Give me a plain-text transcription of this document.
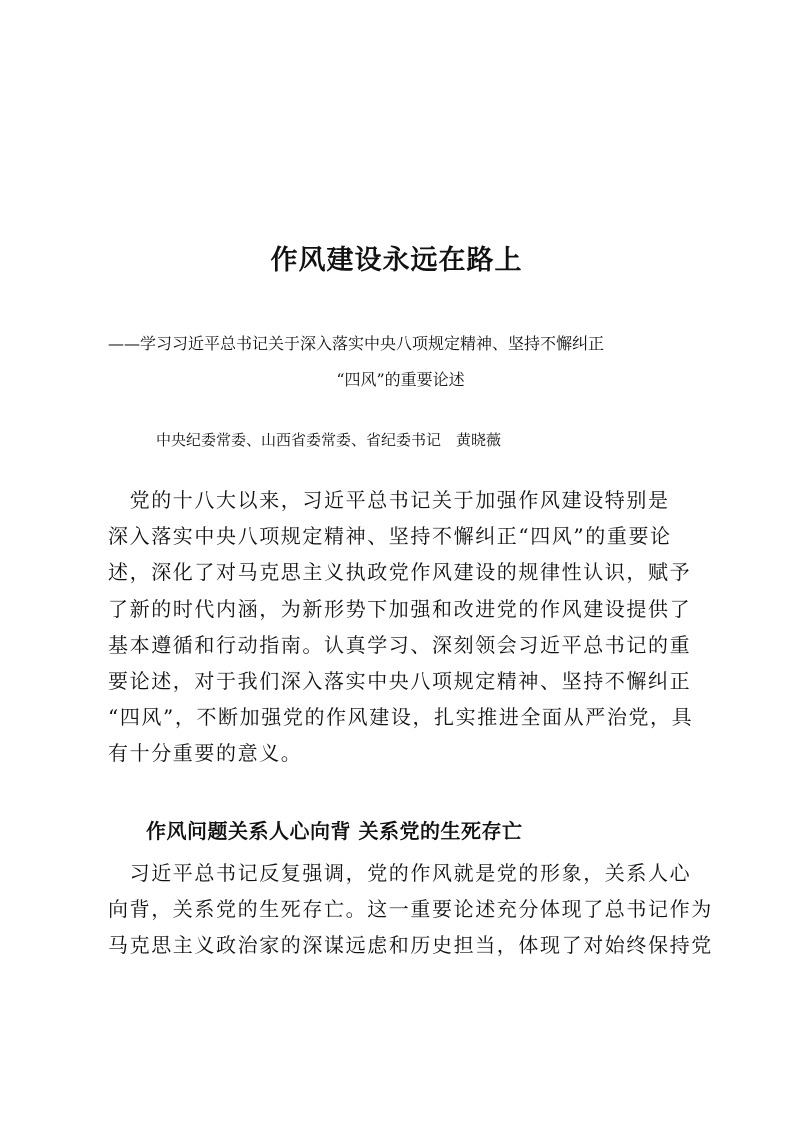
作风建设永远在路上
——学习习近平总书记关于深入落实中央八项规定精神、坚持不懈纠正
“四风”的重要论述
中央纪委常委、山西省委常委、省纪委书记　黄晓薇
　党的十八大以来，习近平总书记关于加强作风建设特别是
深入落实中央八项规定精神、坚持不懈纠正“四风”的重要论
述，深化了对马克思主义执政党作风建设的规律性认识，赋予
了新的时代内涵，为新形势下加强和改进党的作风建设提供了
基本遵循和行动指南。认真学习、深刻领会习近平总书记的重
要论述，对于我们深入落实中央八项规定精神、坚持不懈纠正
“四风”，不断加强党的作风建设，扎实推进全面从严治党，具
有十分重要的意义。
作风问题关系人心向背 关系党的生死存亡
　习近平总书记反复强调，党的作风就是党的形象，关系人心
向背，关系党的生死存亡。这一重要论述充分体现了总书记作为
马克思主义政治家的深谋远虑和历史担当，体现了对始终保持党
